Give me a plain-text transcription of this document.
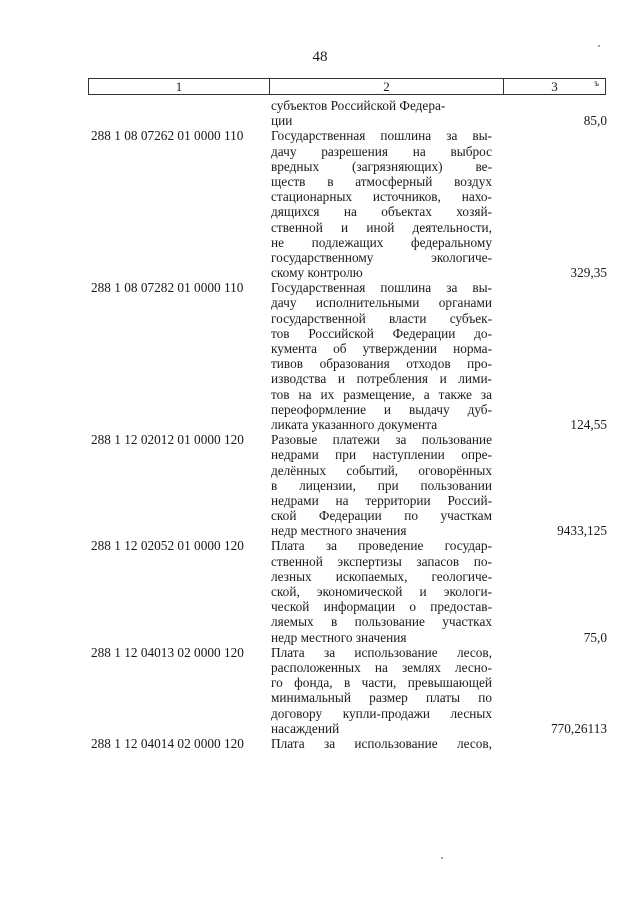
48
1	2	3	ъ
субъектов Российской Федера-
ции	85,0
288 1 08 07262 01 0000 110 Государственная пошлина за вы-
дачу разрешения на выброс
вредных (загрязняющих) ве-
ществ в атмосферный воздух
стационарных источников, нахо-
дящихся на объектах хозяй-
ственной и иной деятельности,
не подлежащих федеральному
государственному экологиче-
скому контролю	329,35
288 1 08 07282 01 0000 110 Государственная пошлина за вы-
дачу исполнительными органами
государственной власти субъек-
тов Российской Федерации до-
кумента об утверждении норма-
тивов образования отходов про-
изводства и потребления и лими-
тов на их размещение, а также за
переоформление и выдачу дуб-
ликата указанного документа	124,55
288 1 12 02012 01 0000 120 Разовые платежи за пользование
недрами при наступлении опре-
делённых событий, оговорённых
в лицензии, при пользовании
недрами на территории Россий-
ской Федерации по участкам
недр местного значения	9433,125
288 1 12 02052 01 0000 120 Плата за проведение государ-
ственной экспертизы запасов по-
лезных ископаемых, геологиче-
ской, экономической и экологи-
ческой информации о предостав-
ляемых в пользование участках
недр местного значения	75,0
288 1 12 04013 02 0000 120 Плата за использование лесов,
расположенных на землях лесно-
го фонда, в части, превышающей
минимальный размер платы по
договору купли-продажи лесных
насаждений	770,26113
288 1 12 04014 02 0000 120 Плата за использование лесов,
